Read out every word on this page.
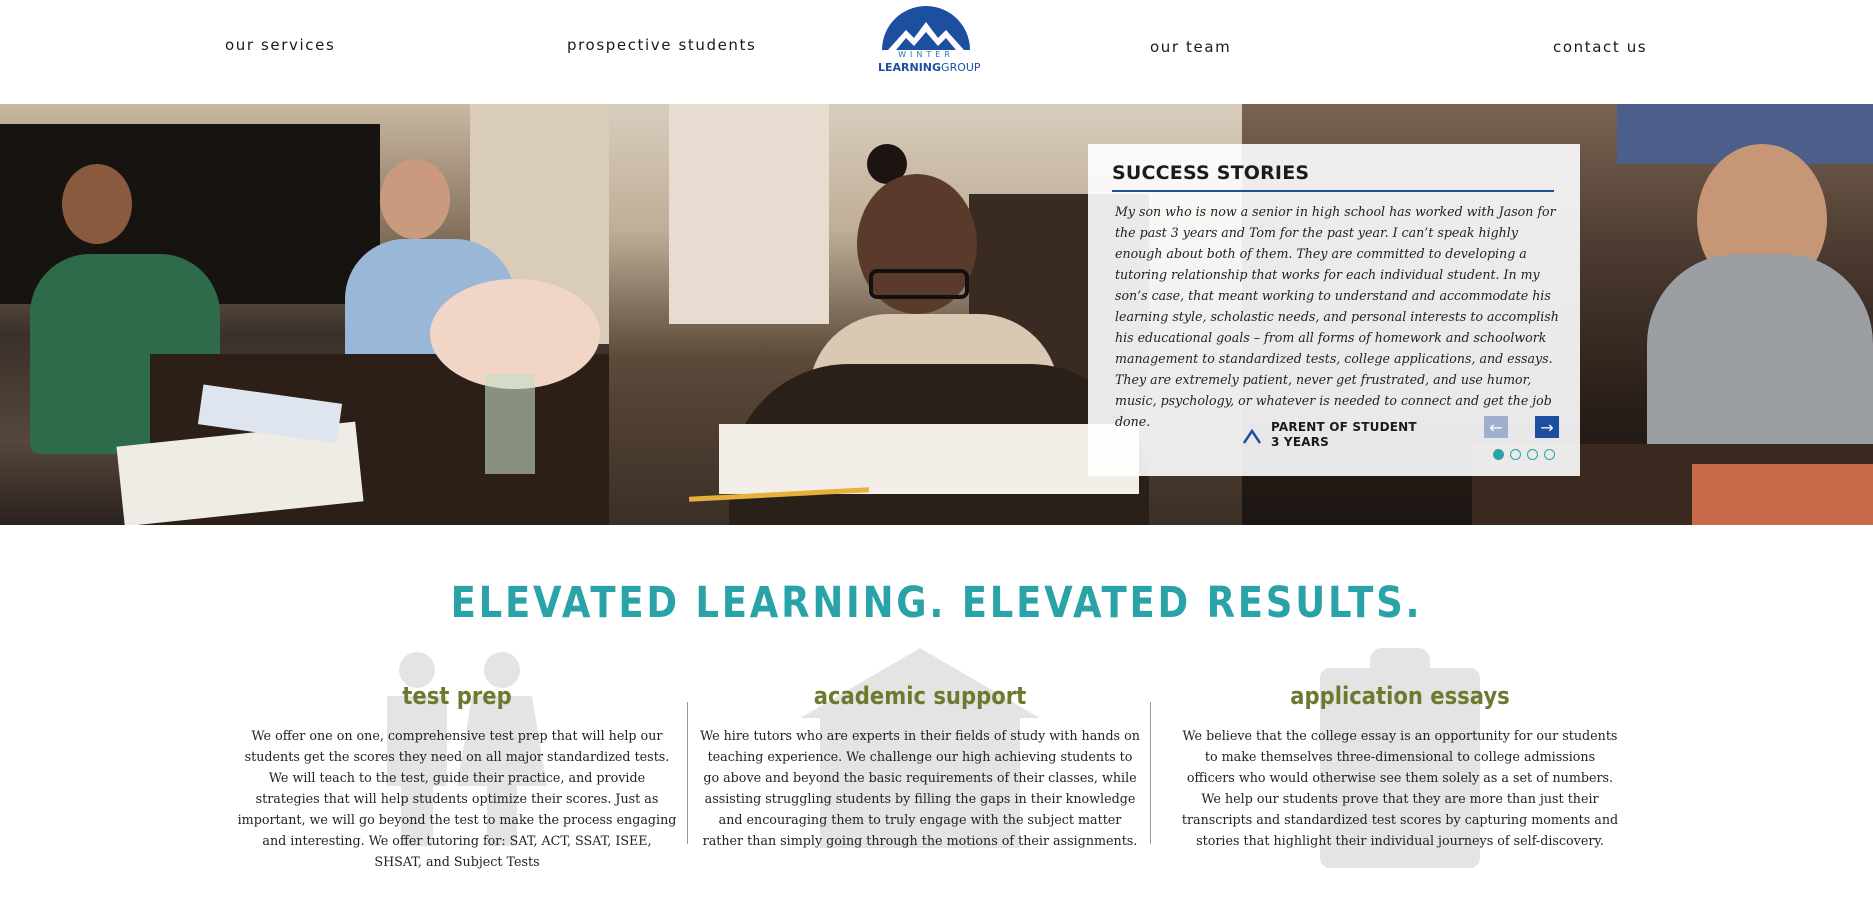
our services	prospective students
WINTER
LEARNINGGROUP
our team	contact us
SUCCESS STORIES

My son who is now a senior in high school has worked with Jason for the past 3 years and Tom for the past year. I can’t speak highly enough about both of them. They are committed to developing a tutoring relationship that works for each individual student. In my son’s case, that meant working to understand and accommodate his learning style, scholastic needs, and personal interests to accomplish his educational goals – from all forms of homework and schoolwork management to standardized tests, college applications, and essays. They are extremely patient, never get frustrated, and use humor, music, psychology, or whatever is needed to connect and get the job done.	PARENT OF STUDENT
3 YEARS
←	→
ELEVATED LEARNING. ELEVATED RESULTS.
test prep

We offer one on one, comprehensive test prep that will help our students get the scores they need on all major standardized tests. We will teach to the test, guide their practice, and provide strategies that will help students optimize their scores. Just as important, we will go beyond the test to make the process engaging and interesting. We offer tutoring for: SAT, ACT, SSAT, ISEE, SHSAT, and Subject Tests

academic support

We hire tutors who are experts in their fields of study with hands on teaching experience. We challenge our high achieving students to go above and beyond the basic requirements of their classes, while assisting struggling students by filling the gaps in their knowledge and encouraging them to truly engage with the subject matter rather than simply going through the motions of their assignments.

application essays

We believe that the college essay is an opportunity for our students to make themselves three-dimensional to college admissions officers who would otherwise see them solely as a set of numbers. We help our students prove that they are more than just their transcripts and standardized test scores by capturing moments and stories that highlight their individual journeys of self-discovery.
